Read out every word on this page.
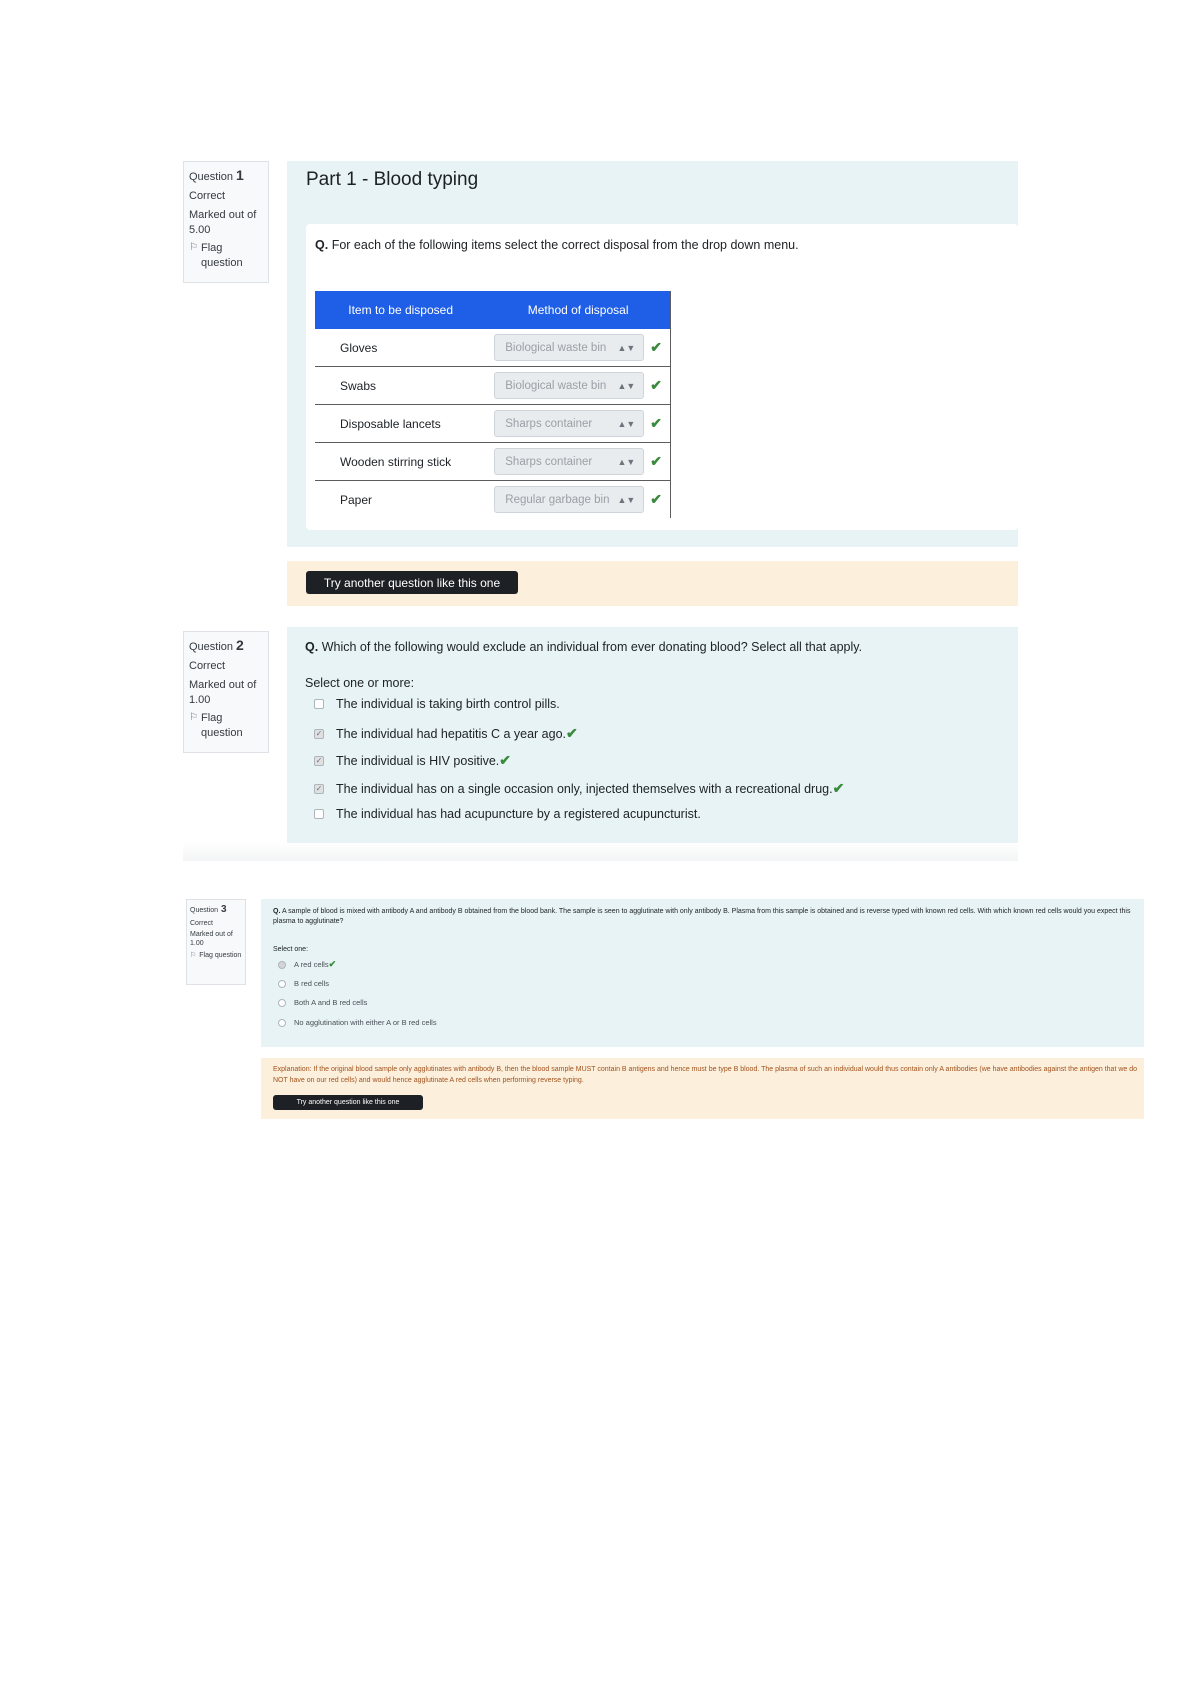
Question 1
Correct
Marked out of 5.00
⚐ Flag question
Part 1 - Blood typing
Q. For each of the following items select the correct disposal from the drop down menu.
Item to be disposed	Method of disposal
Gloves	Biological waste bin ▲▼ ✔

Swabs	Biological waste bin ▲▼ ✔

Disposable lancets	Sharps container ▲▼ ✔

Wooden stirring stick	Sharps container ▲▼ ✔

Paper	Regular garbage bin ▲▼ ✔
Try another question like this one
Question 2
Correct
Marked out of 1.00
⚐ Flag question
Q. Which of the following would exclude an individual from ever donating blood? Select all that apply.
Select one or more:
The individual is taking birth control pills.
✓ The individual had hepatitis C a year ago.✔
✓ The individual is HIV positive.✔
✓ The individual has on a single occasion only, injected themselves with a recreational drug.✔
The individual has had acupuncture by a registered acupuncturist.
Question 3
Correct
Marked out of 1.00
⚐ Flag question
Q. A sample of blood is mixed with antibody A and antibody B obtained from the blood bank. The sample is seen to agglutinate with only antibody B. Plasma from this sample is obtained and is reverse typed with known red cells. With which known red cells would you expect this plasma to agglutinate?
Select one:
A red cells✔
B red cells
Both A and B red cells
No agglutination with either A or B red cells
Explanation: If the original blood sample only agglutinates with antibody B, then the blood sample MUST contain B antigens and hence must be type B blood. The plasma of such an individual would thus contain only A antibodies (we have antibodies against the antigen that we do NOT have on our red cells) and would hence agglutinate A red cells when performing reverse typing.
Try another question like this one
